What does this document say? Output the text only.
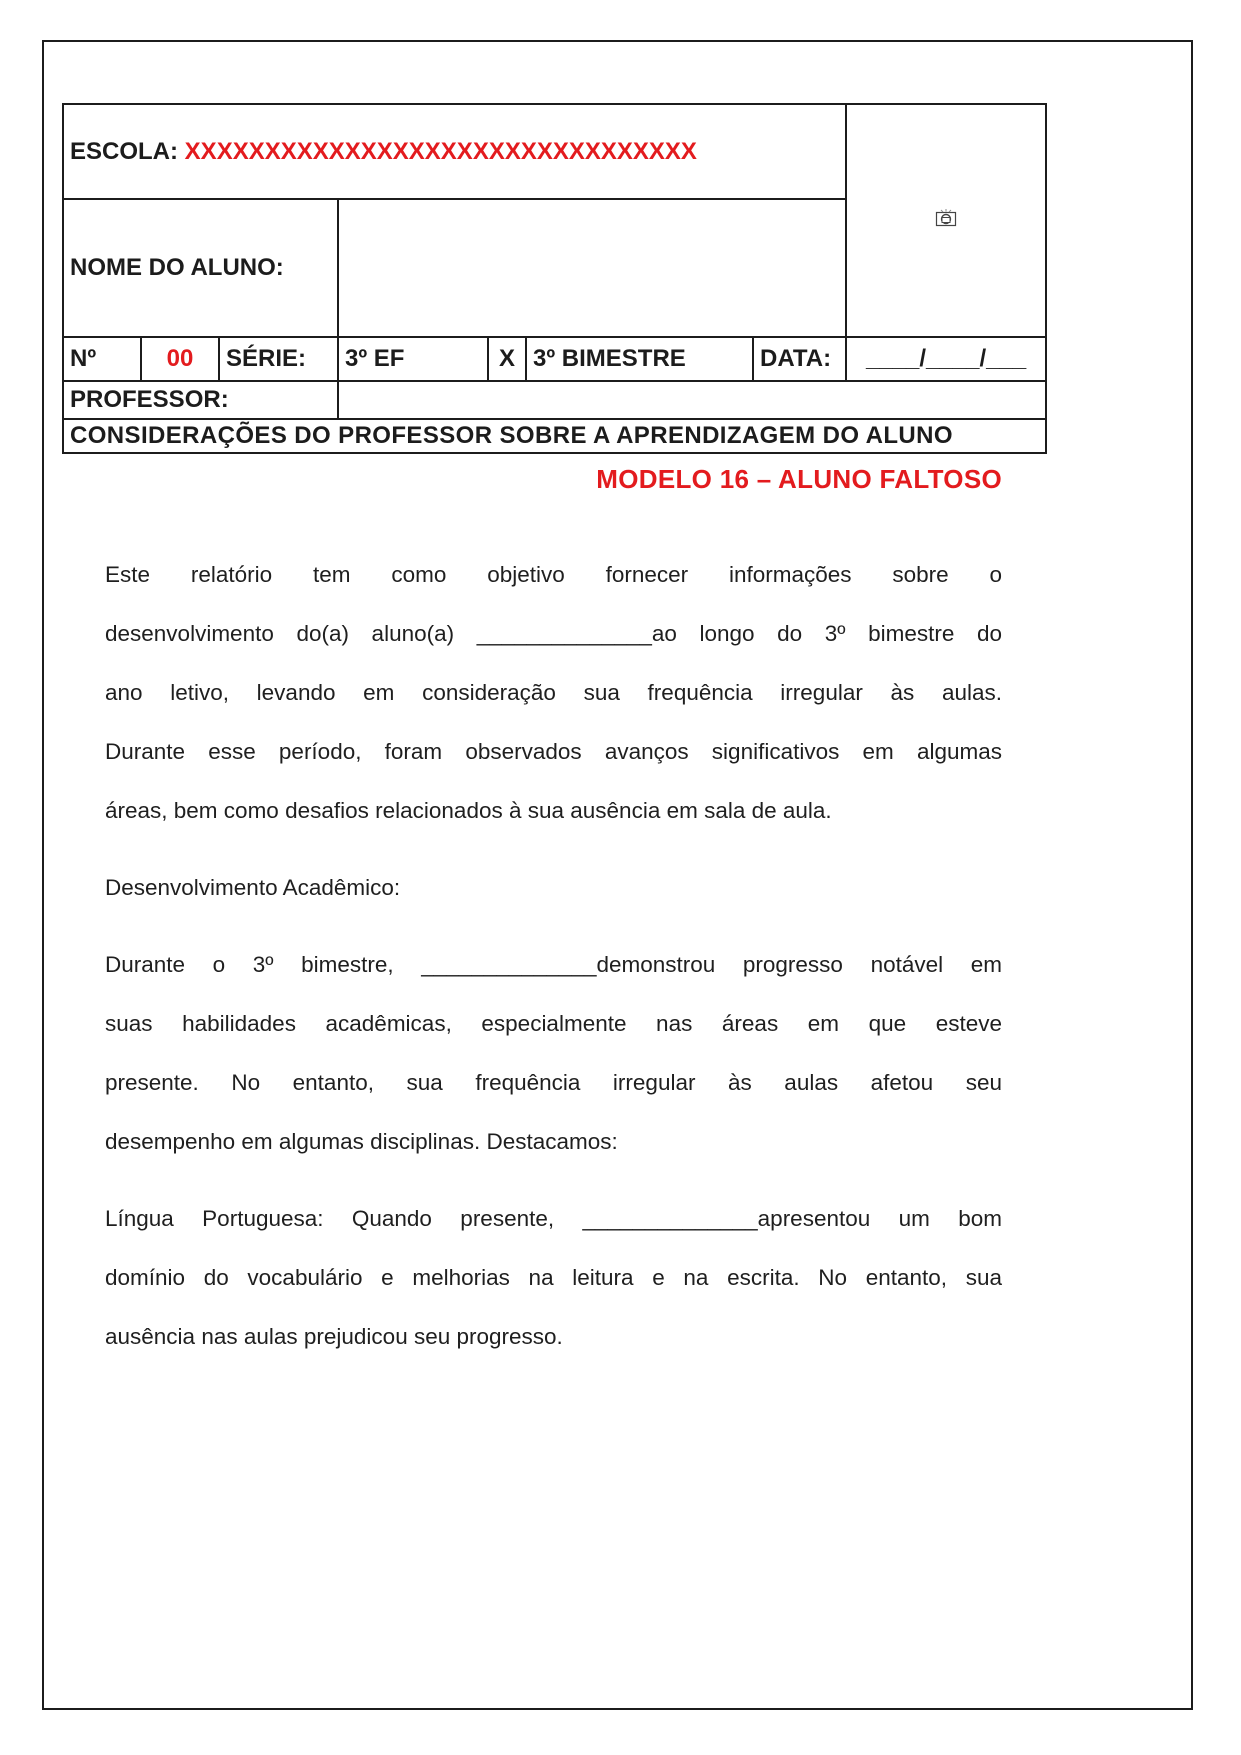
ESCOLA: XXXXXXXXXXXXXXXXXXXXXXXXXXXXXXXX	
NOME DO ALUNO:							
Nº	00	SÉRIE:	3º EF	X	3º BIMESTRE	DATA:	____/____/___
PROFESSOR:							
CONSIDERAÇÕES DO PROFESSOR SOBRE A APRENDIZAGEM DO ALUNO							
MODELO 16 – ALUNO FALTOSO
Este relatório tem como objetivo fornecer informações sobre o
desenvolvimento do(a) aluno(a) ______________ao longo do 3º bimestre do
ano letivo, levando em consideração sua frequência irregular às aulas.
Durante esse período, foram observados avanços significativos em algumas
áreas, bem como desafios relacionados à sua ausência em sala de aula.
Desenvolvimento Acadêmico:
Durante o 3º bimestre, ______________demonstrou progresso notável em
suas habilidades acadêmicas, especialmente nas áreas em que esteve
presente. No entanto, sua frequência irregular às aulas afetou seu
desempenho em algumas disciplinas. Destacamos:
Língua Portuguesa: Quando presente, ______________apresentou um bom
domínio do vocabulário e melhorias na leitura e na escrita. No entanto, sua
ausência nas aulas prejudicou seu progresso.
